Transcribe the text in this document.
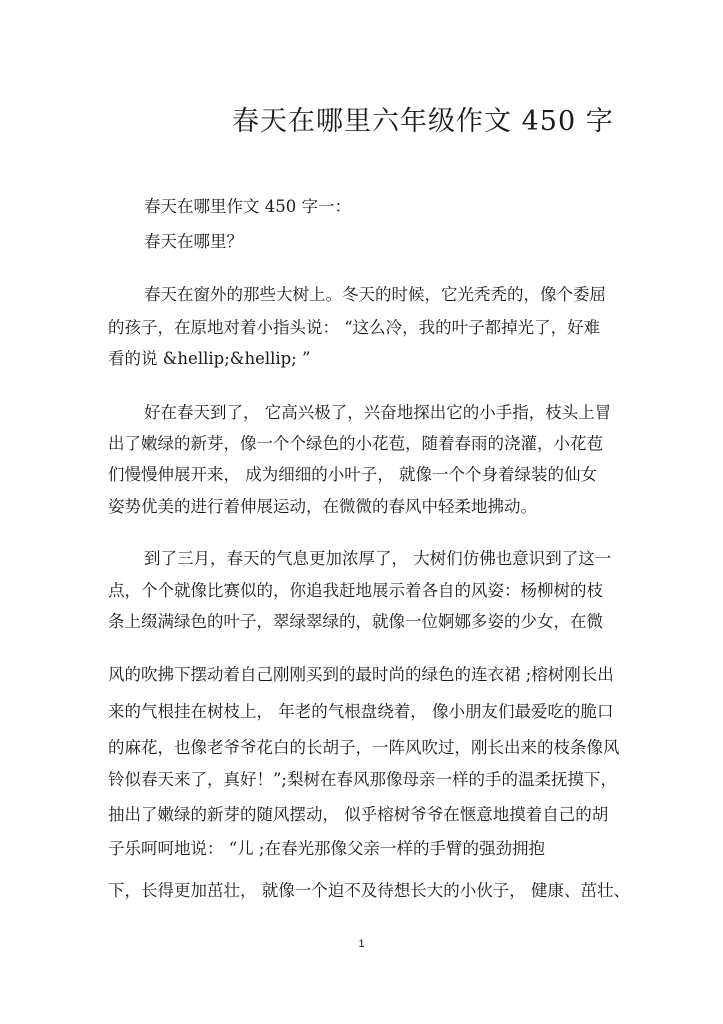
春天在哪里六年级作文 450 字
春天在哪里作文 450 字一：
春天在哪里？
春天在窗外的那些大树上。冬天的时候，它光秃秃的，像个委屈
的孩子，在原地对着小指头说： “这么冷，我的叶子都掉光了，好难
看的说 &hellip;&hellip; ”
好在春天到了， 它高兴极了，兴奋地探出它的小手指，枝头上冒
出了嫩绿的新芽，像一个个绿色的小花苞，随着春雨的浇灌，小花苞
们慢慢伸展开来， 成为细细的小叶子， 就像一个个身着绿装的仙女
姿势优美的进行着伸展运动，在微微的春风中轻柔地拂动。
到了三月，春天的气息更加浓厚了， 大树们仿佛也意识到了这一
点，个个就像比赛似的，你追我赶地展示着各自的风姿：杨柳树的枝
条上缀满绿色的叶子，翠绿翠绿的，就像一位婀娜多姿的少女，在微
风的吹拂下摆动着自己刚刚买到的最时尚的绿色的连衣裙 ;榕树刚长出
来的气根挂在树枝上， 年老的气根盘绕着， 像小朋友们最爱吃的脆口
的麻花，也像老爷爷花白的长胡子，一阵风吹过，刚长出来的枝条像风
铃似春天来了，真好！”;梨树在春风那像母亲一样的手的温柔抚摸下，
抽出了嫩绿的新芽的随风摆动， 似乎榕树爷爷在惬意地摸着自己的胡
子乐呵呵地说： “儿 ;在春光那像父亲一样的手臂的强劲拥抱
下，长得更加茁壮， 就像一个迫不及待想长大的小伙子， 健康、茁壮、
1
